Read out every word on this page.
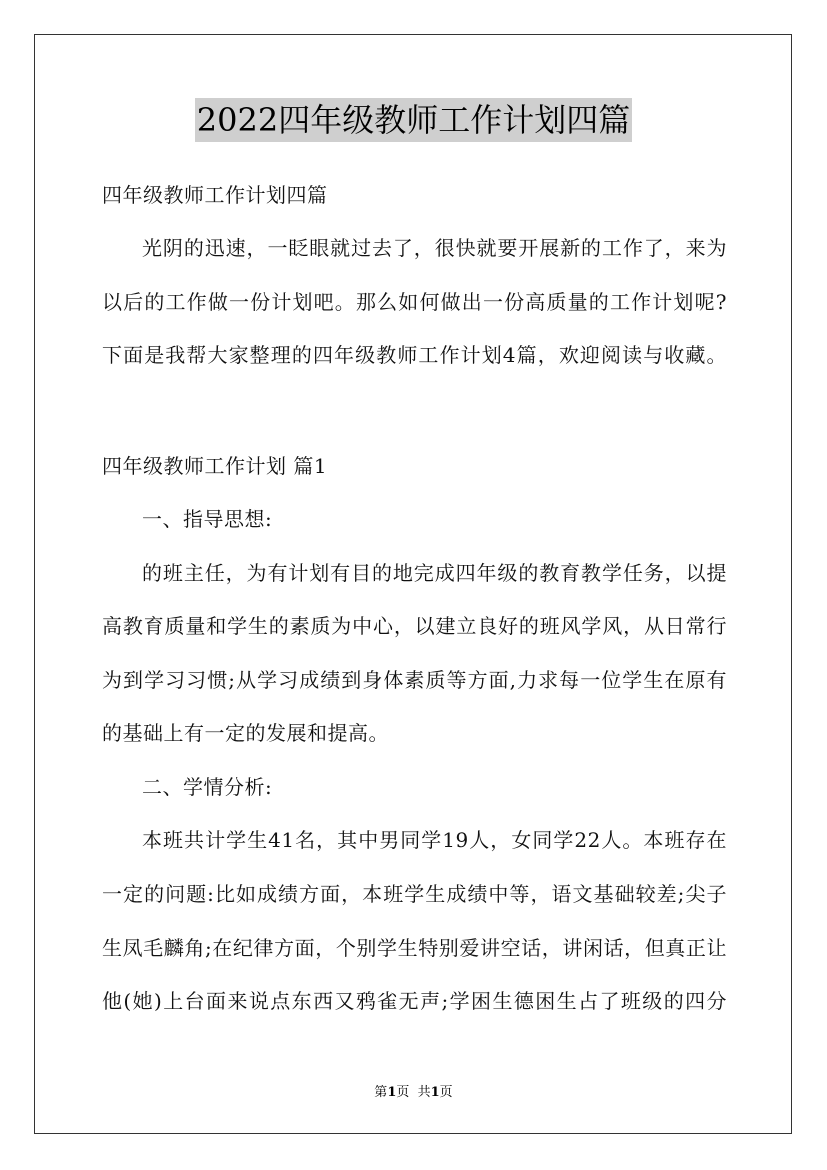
2022四年级教师工作计划四篇
四年级教师工作计划四篇
光阴的迅速，一眨眼就过去了，很快就要开展新的工作了，来为
以后的工作做一份计划吧。那么如何做出一份高质量的工作计划呢?
下面是我帮大家整理的四年级教师工作计划4篇，欢迎阅读与收藏。
四年级教师工作计划 篇1
一、指导思想:
的班主任，为有计划有目的地完成四年级的教育教学任务，以提
高教育质量和学生的素质为中心，以建立良好的班风学风，从日常行
为到学习习惯;从学习成绩到身体素质等方面,力求每一位学生在原有
的基础上有一定的发展和提高。
二、学情分析:
本班共计学生41名，其中男同学19人，女同学22人。本班存在
一定的问题:比如成绩方面，本班学生成绩中等，语文基础较差;尖子
生凤毛麟角;在纪律方面，个别学生特别爱讲空话，讲闲话，但真正让
他(她)上台面来说点东西又鸦雀无声;学困生德困生占了班级的四分
第1页  共1页
